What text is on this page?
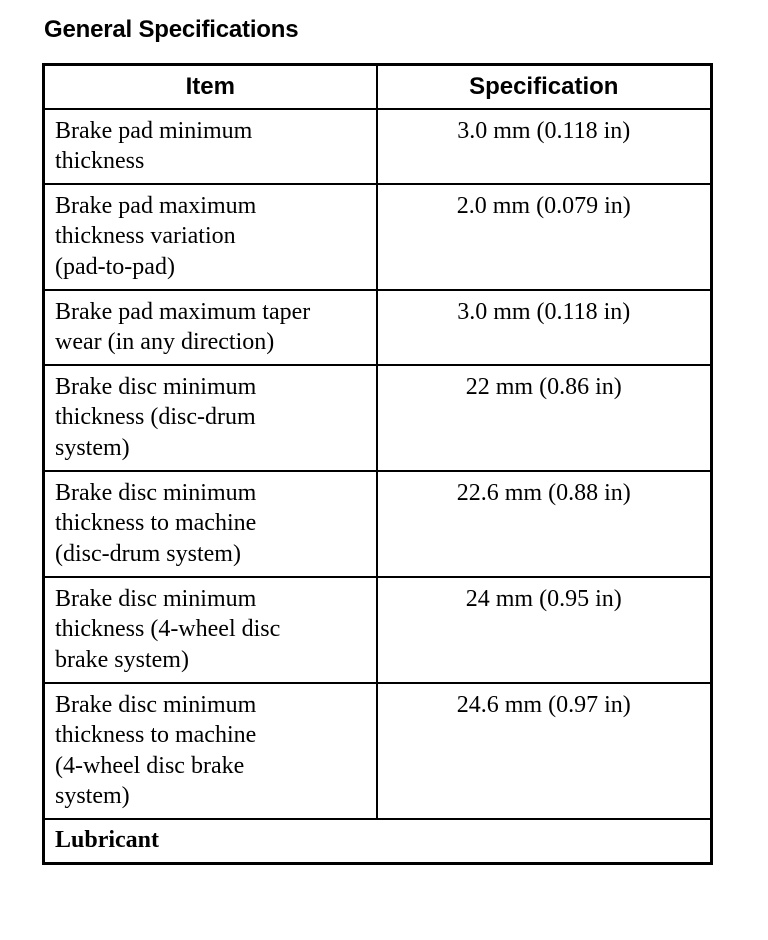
General Specifications
Item	Specification

Brake pad minimum
thickness	3.0 mm (0.118 in)

Brake pad maximum
thickness variation
(pad-to-pad)	2.0 mm (0.079 in)

Brake pad maximum taper
wear (in any direction)	3.0 mm (0.118 in)

Brake disc minimum
thickness (disc-drum
system)	22 mm (0.86 in)

Brake disc minimum
thickness to machine
(disc-drum system)	22.6 mm (0.88 in)

Brake disc minimum
thickness (4-wheel disc
brake system)	24 mm (0.95 in)

Brake disc minimum
thickness to machine
(4-wheel disc brake
system)	24.6 mm (0.97 in)
Lubricant	
